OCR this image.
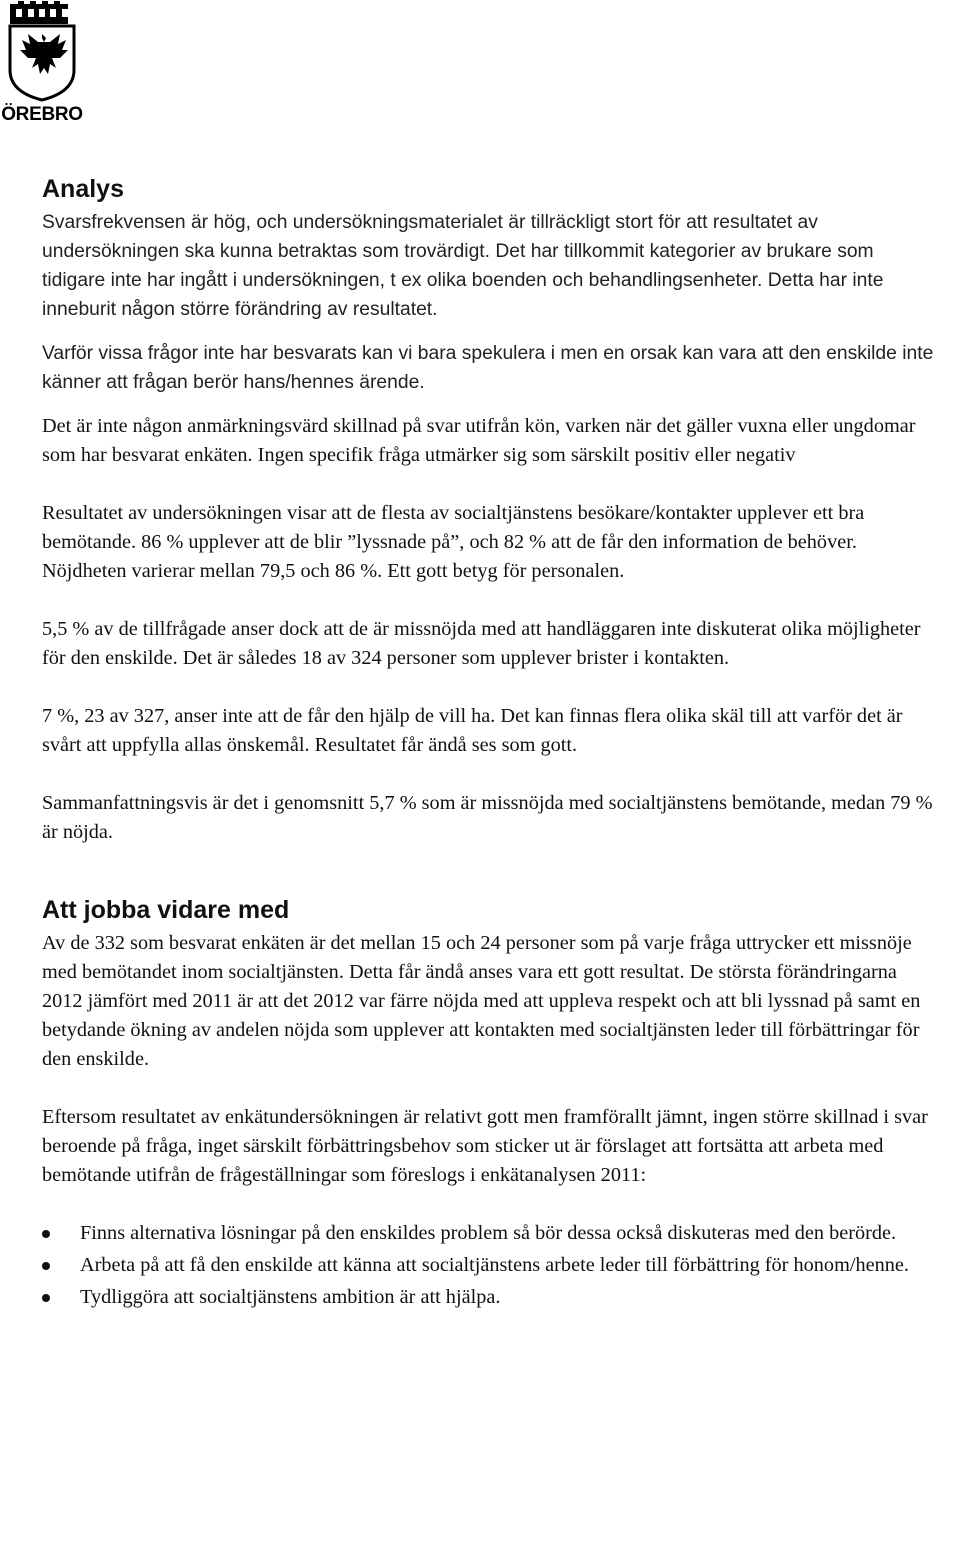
ÖREBRO
Analys

Svarsfrekvensen är hög, och undersökningsmaterialet är tillräckligt stort för att resultatet av undersökningen ska kunna betraktas som trovärdigt. Det har tillkommit kategorier av brukare som tidigare inte har ingått i undersökningen, t ex olika boenden och behandlingsenheter. Detta har inte inneburit någon större förändring av resultatet.

Varför vissa frågor inte har besvarats kan vi bara spekulera i men en orsak kan vara att den enskilde inte känner att frågan berör hans/hennes ärende.

Det är inte någon anmärkningsvärd skillnad på svar utifrån kön, varken när det gäller vuxna eller ungdomar som har besvarat enkäten. Ingen specifik fråga utmärker sig som särskilt positiv eller negativ

Resultatet av undersökningen visar att de flesta av socialtjänstens besökare/kontakter upplever ett bra bemötande. 86 % upplever att de blir ”lyssnade på”, och 82 % att de får den information de behöver. Nöjdheten varierar mellan 79,5 och 86 %. Ett gott betyg för personalen.

5,5 % av de tillfrågade anser dock att de är missnöjda med att handläggaren inte diskuterat olika möjligheter för den enskilde. Det är således 18 av 324 personer som upplever brister i kontakten.

7 %, 23 av 327, anser inte att de får den hjälp de vill ha. Det kan finnas flera olika skäl till att varför det är svårt att uppfylla allas önskemål. Resultatet får ändå ses som gott.

Sammanfattningsvis är det i genomsnitt 5,7 % som är missnöjda med socialtjänstens bemötande, medan 79 % är nöjda.

Att jobba vidare med

Av de 332 som besvarat enkäten är det mellan 15 och 24 personer som på varje fråga uttrycker ett missnöje med bemötandet inom socialtjänsten. Detta får ändå anses vara ett gott resultat. De största förändringarna 2012 jämfört med 2011 är att det 2012 var färre nöjda med att uppleva respekt och att bli lyssnad på samt en betydande ökning av andelen nöjda som upplever att kontakten med socialtjänsten leder till förbättringar för den enskilde.

Eftersom resultatet av enkätundersökningen är relativt gott men framförallt jämnt, ingen större skillnad i svar beroende på fråga, inget särskilt förbättringsbehov som sticker ut är förslaget att fortsätta att arbeta med bemötande utifrån de frågeställningar som föreslogs i enkätanalysen 2011:

Finns alternativa lösningar på den enskildes problem så bör dessa också diskuteras med den berörde.
Arbeta på att få den enskilde att känna att socialtjänstens arbete leder till förbättring för honom/henne.
Tydliggöra att socialtjänstens ambition är att hjälpa.
